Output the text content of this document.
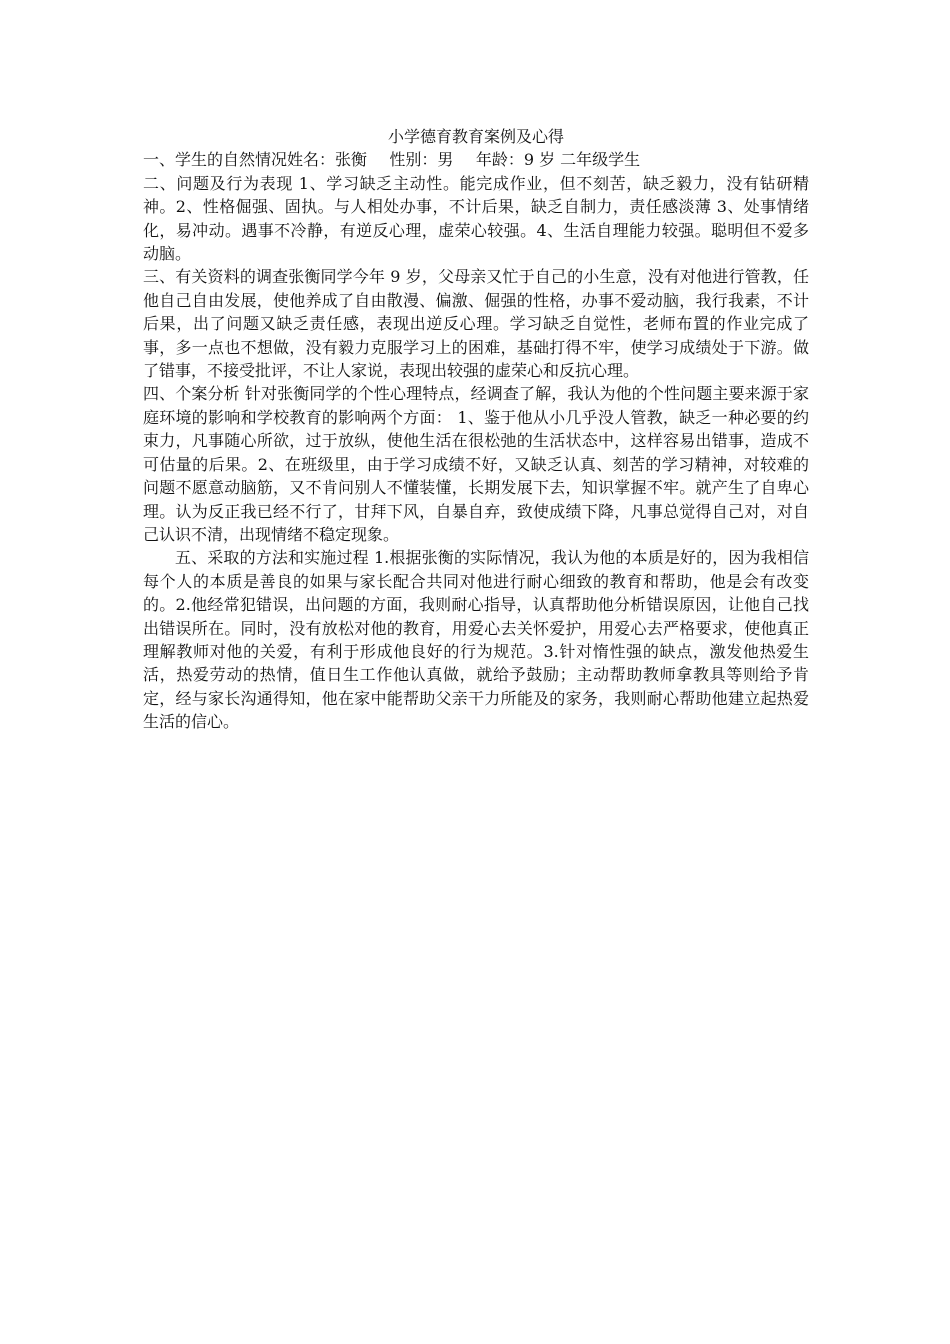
小学德育教育案例及心得

一、学生的自然情况姓名：张衡 性别：男 年龄：9 岁 二年级学生

二、问题及行为表现 1、学习缺乏主动性。能完成作业，但不刻苦，缺乏毅力，没有钻研精神。2、性格倔强、固执。与人相处办事，不计后果，缺乏自制力，责任感淡薄 3、处事情绪化，易冲动。遇事不冷静，有逆反心理，虚荣心较强。4、生活自理能力较强。聪明但不爱多动脑。

三、有关资料的调查张衡同学今年 9 岁，父母亲又忙于自己的小生意，没有对他进行管教，任他自己自由发展，使他养成了自由散漫、偏激、倔强的性格，办事不爱动脑，我行我素，不计后果，出了问题又缺乏责任感，表现出逆反心理。学习缺乏自觉性，老师布置的作业完成了事，多一点也不想做，没有毅力克服学习上的困难，基础打得不牢，使学习成绩处于下游。做了错事，不接受批评，不让人家说，表现出较强的虚荣心和反抗心理。

四、个案分析 针对张衡同学的个性心理特点，经调查了解，我认为他的个性问题主要来源于家庭环境的影响和学校教育的影响两个方面： 1、鉴于他从小几乎没人管教，缺乏一种必要的约束力，凡事随心所欲，过于放纵，使他生活在很松弛的生活状态中，这样容易出错事，造成不可估量的后果。2、在班级里，由于学习成绩不好，又缺乏认真、刻苦的学习精神，对较难的问题不愿意动脑筋，又不肯问别人不懂装懂，长期发展下去，知识掌握不牢。就产生了自卑心理。认为反正我已经不行了，甘拜下风，自暴自弃，致使成绩下降，凡事总觉得自己对，对自己认识不清，出现情绪不稳定现象。

五、采取的方法和实施过程 1.根据张衡的实际情况，我认为他的本质是好的，因为我相信每个人的本质是善良的如果与家长配合共同对他进行耐心细致的教育和帮助，他是会有改变的。2.他经常犯错误，出问题的方面，我则耐心指导，认真帮助他分析错误原因，让他自己找出错误所在。同时，没有放松对他的教育，用爱心去关怀爱护，用爱心去严格要求，使他真正理解教师对他的关爱，有利于形成他良好的行为规范。3.针对惰性强的缺点，激发他热爱生活，热爱劳动的热情，值日生工作他认真做，就给予鼓励；主动帮助教师拿教具等则给予肯定，经与家长沟通得知，他在家中能帮助父亲干力所能及的家务，我则耐心帮助他建立起热爱生活的信心。
